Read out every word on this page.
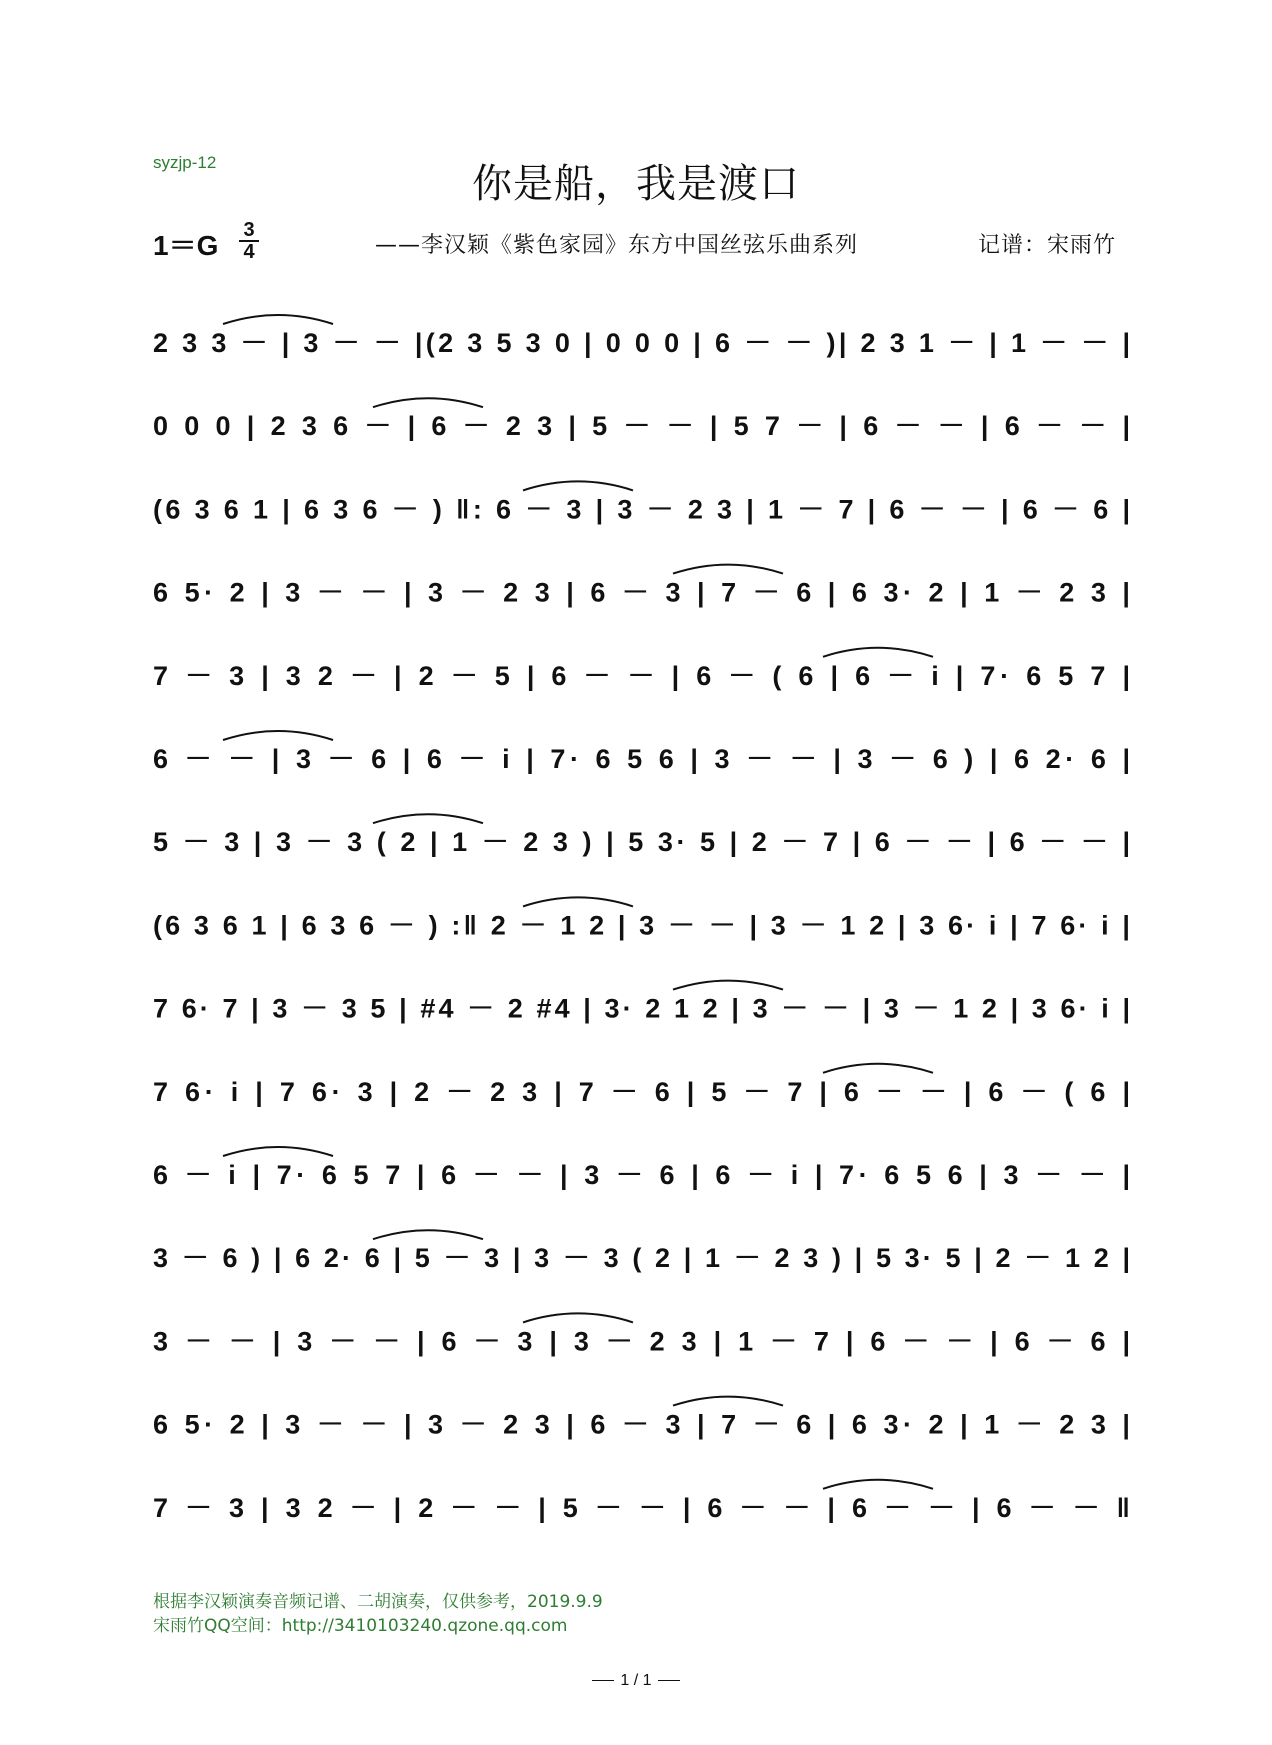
syzjp-12	你是船，我是渡口
1＝G 3
4	——李汉颖《紫色家园》东方中国丝弦乐曲系列	记谱：宋雨竹
2 3 3 － | 3 － － |(2 3 5 3 0 | 0 0 0 | 6 － － )| 2 3 1 － | 1 － － |
0 0 0 | 2 3 6 － | 6 － 2 3 | 5 － － | 5 7 － | 6 － － | 6 － － |
(6 3 6 1 | 6 3 6 － ) ‖: 6 － 3 | 3 － 2 3 | 1 － 7 | 6 － － | 6 － 6 |
6 5· 2 | 3 － － | 3 － 2 3 | 6 － 3 | 7 － 6 | 6 3· 2 | 1 － 2 3 |
7 － 3 | 3 2 － | 2 － 5 | 6 － － | 6 － ( 6 | 6 － i | 7· 6 5 7 |
6 － － | 3 － 6 | 6 － i | 7· 6 5 6 | 3 － － | 3 － 6 ) | 6 2· 6 |
5 － 3 | 3 － 3 ( 2 | 1 － 2 3 ) | 5 3· 5 | 2 － 7 | 6 － － | 6 － － |
(6 3 6 1 | 6 3 6 － ) :‖ 2 － 1 2 | 3 － － | 3 － 1 2 | 3 6· i | 7 6· i |
7 6· 7 | 3 － 3 5 | #4 － 2 #4 | 3· 2 1 2 | 3 － － | 3 － 1 2 | 3 6· i |
7 6· i | 7 6· 3 | 2 － 2 3 | 7 － 6 | 5 － 7 | 6 － － | 6 － ( 6 |
6 － i | 7· 6 5 7 | 6 － － | 3 － 6 | 6 － i | 7· 6 5 6 | 3 － － |
3 － 6 ) | 6 2· 6 | 5 － 3 | 3 － 3 ( 2 | 1 － 2 3 ) | 5 3· 5 | 2 － 1 2 |
3 － － | 3 － － | 6 － 3 | 3 － 2 3 | 1 － 7 | 6 － － | 6 － 6 |
6 5· 2 | 3 － － | 3 － 2 3 | 6 － 3 | 7 － 6 | 6 3· 2 | 1 － 2 3 |
7 － 3 | 3 2 － | 2 － － | 5 － － | 6 － － | 6 － － | 6 － － ‖
根据李汉颖演奏音频记谱、二胡演奏，仅供参考，2019.9.9
宋雨竹QQ空间：http://3410103240.qzone.qq.com
1 / 1
